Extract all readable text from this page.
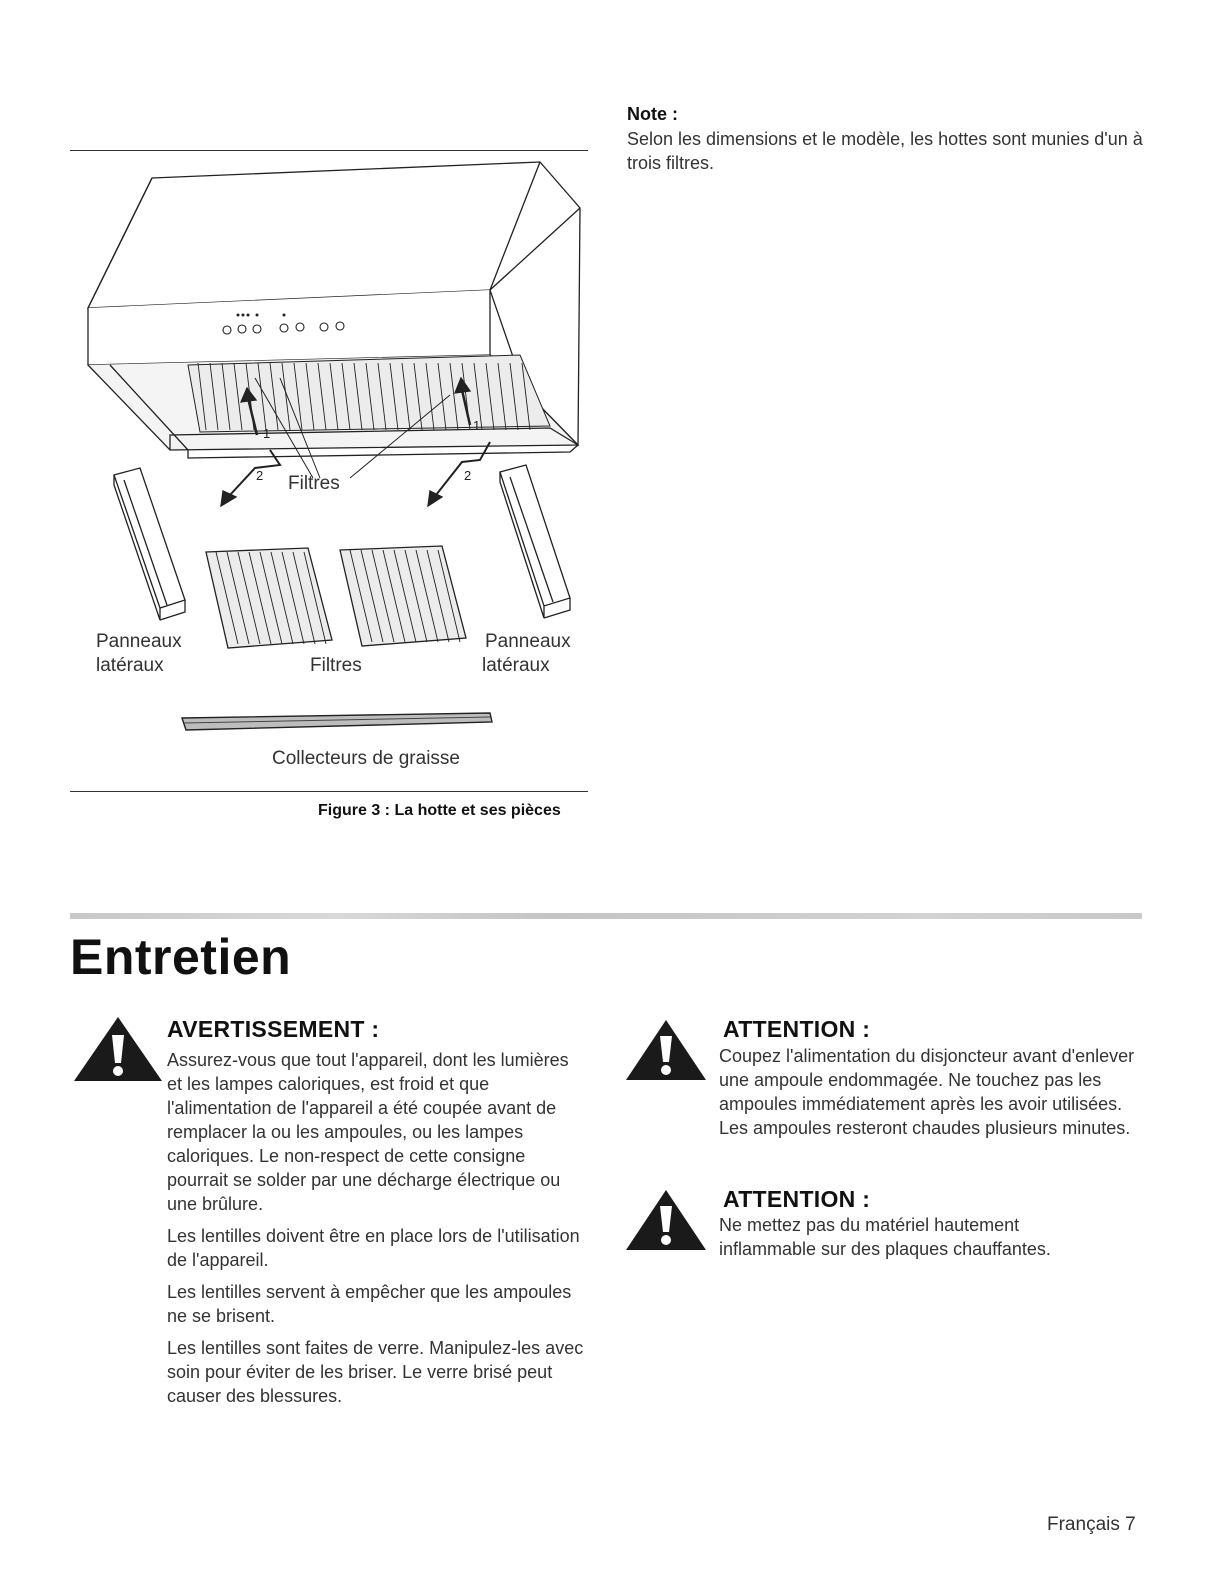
Note :
Selon les dimensions et le modèle, les hottes sont munies d'un à trois filtres.
1
1
2	2
Filtres
Panneaux
latéraux	Filtres
Panneaux
latéraux
Collecteurs de graisse
Figure 3 : La hotte et ses pièces
Entretien
AVERTISSEMENT :

Assurez-vous que tout l'appareil, dont les lumières et les lampes caloriques, est froid et que l'alimentation de l'appareil a été coupée avant de remplacer la ou les ampoules, ou les lampes caloriques. Le non-respect de cette consigne pourrait se solder par une décharge électrique ou une brûlure.

Les lentilles doivent être en place lors de l'utilisation de l'appareil.

Les lentilles servent à empêcher que les ampoules ne se brisent.

Les lentilles sont faites de verre. Manipulez-les avec soin pour éviter de les briser. Le verre brisé peut causer des blessures.

ATTENTION :
Coupez l'alimentation du disjoncteur avant d'enlever une ampoule endommagée. Ne touchez pas les ampoules immédiatement après les avoir utilisées. Les ampoules resteront chaudes plusieurs minutes.
ATTENTION :
Ne mettez pas du matériel hautement inflammable sur des plaques chauffantes.
Français 7
